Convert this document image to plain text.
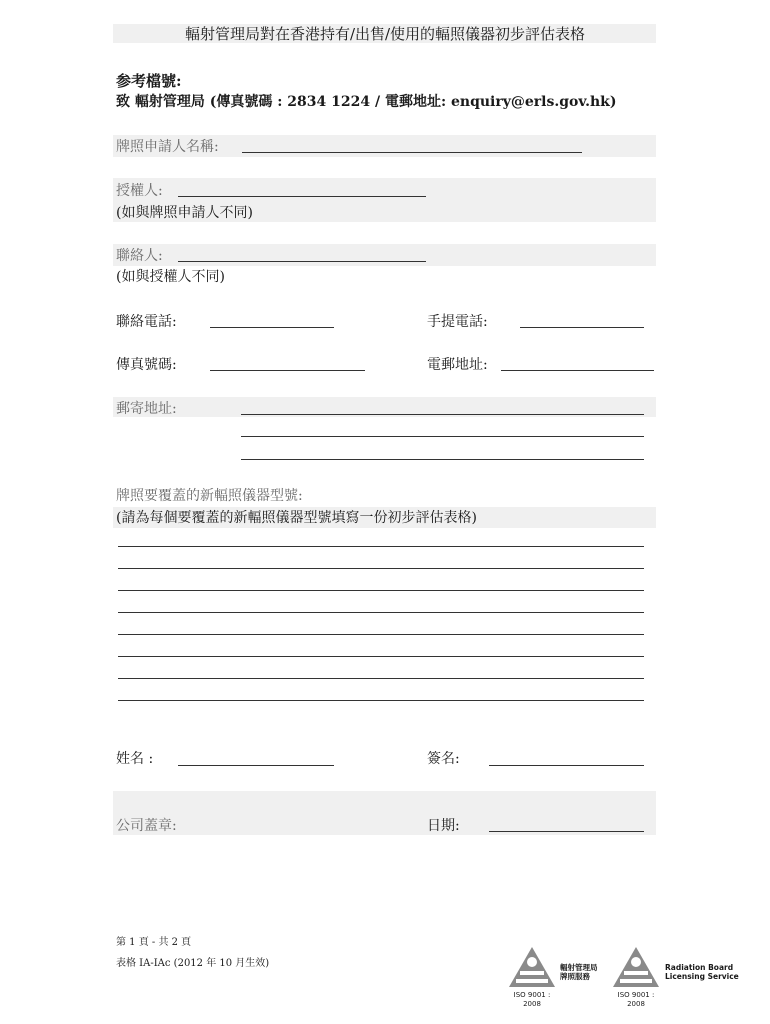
輻射管理局對在香港持有/出售/使用的輻照儀器初步評估表格
参考檔號:
致 輻射管理局 (傳真號碼 : 2834 1224 / 電郵地址: enquiry@erls.gov.hk)
牌照申請人名稱:
授權人:
(如與牌照申請人不同)
聯絡人:
(如與授權人不同)
聯絡電話:	手提電話:
傳真號碼:	電郵地址:
郵寄地址:
牌照要覆蓋的新輻照儀器型號:
(請為每個要覆蓋的新輻照儀器型號填寫一份初步評估表格)
姓名 :	簽名:
公司蓋章:	日期:
第 1 頁 - 共 2 頁
表格 IA-IAc (2012 年 10 月生效)
ISO 9001 : 2008
輻射管理局
牌照服務
ISO 9001 : 2008
Radiation Board
Licensing Service
